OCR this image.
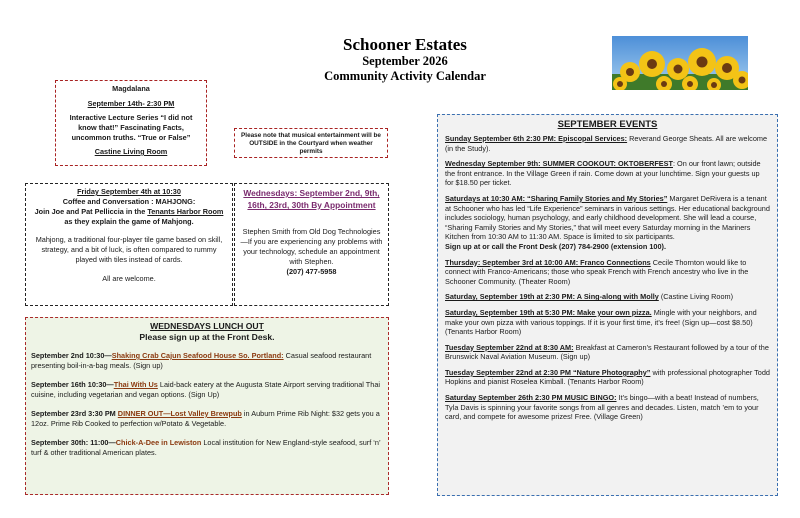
Schooner Estates
September 2026
Community Activity Calendar

Magdalana

September 14th- 2:30 PM

Interactive Lecture Series “I did not know that!” Fascinating Facts, uncommon truths. “True or False”

Castine Living Room

Please note that musical entertainment will be OUTSIDE in the Courtyard when weather permits

Friday September 4th at 10:30

Coffee and Conversation : MAHJONG:

Join Joe and Pat Pelliccia in the Tenants Harbor Room as they explain the game of Mahjong.

Mahjong, a traditional four-player tile game based on skill, strategy, and a bit of luck, is often compared to rummy played with tiles instead of cards.

All are welcome.

Wednesdays: September 2nd, 9th, 16th, 23rd, 30th By Appointment

Stephen Smith from Old Dog Technologies—If you are experiencing any problems with your technology, schedule an appointment with Stephen.

(207) 477-5958

WEDNESDAYS LUNCH OUT

Please sign up at the Front Desk.

September 2nd 10:30—Shaking Crab Cajun Seafood House So. Portland: Casual seafood restaurant presenting boil-in-a-bag meals. (Sign up)

September 16th 10:30—Thai With Us Laid-back eatery at the Augusta State Airport serving traditional Thai cuisine, including vegetarian and vegan options. (Sign Up)

September 23rd 3:30 PM DINNER OUT—Lost Valley Brewpub in Auburn Prime Rib Night: $32 gets you a 12oz. Prime Rib Cooked to perfection w/Potato & Vegetable.

September 30th: 11:00—Chick-A-Dee in Lewiston Local institution for New England-style seafood, surf ‘n’ turf & other traditional American plates.

SEPTEMBER EVENTS

Sunday September 6th 2:30 PM: Episcopal Services: Reverand George Sheats. All are welcome (in the Study).

Wednesday September 9th: SUMMER COOKOUT: OKTOBERFEST: On our front lawn; outside the front entrance. In the Village Green if rain. Come down at your lunchtime. Sign your guests up for $18.50 per ticket.

Saturdays at 10:30 AM: “Sharing Family Stories and My Stories” Margaret DeRivera is a tenant at Schooner who has led “Life Experience” seminars in various settings. Her educational background includes sociology, human psychology, and early childhood development. She will lead a course, “Sharing Family Stories and My Stories,” that will meet every Saturday morning in the Mariners Kitchen from 10:30 AM to 11:30 AM. Space is limited to six participants.
Sign up at or call the Front Desk (207) 784-2900 (extension 100).

Thursday: September 3rd at 10:00 AM: Franco Connections Cecile Thornton would like to connect with Franco-Americans; those who speak French with French ancestry who live in the Schooner Community. (Theater Room)

Saturday, September 19th at 2:30 PM: A Sing-along with Molly (Castine Living Room)

Saturday, September 19th at 5:30 PM: Make your own pizza. Mingle with your neighbors, and make your own pizza with various toppings. If it is your first time, it’s free! (Sign up—cost $8.50) (Tenants Harbor Room)

Tuesday September 22nd at 8:30 AM: Breakfast at Cameron’s Restaurant followed by a tour of the Brunswick Naval Aviation Museum. (Sign up)

Tuesday September 22nd at 2:30 PM “Nature Photography” with professional photographer Todd Hopkins and pianist Roselea Kimball. (Tenants Harbor Room)

Saturday September 26th 2:30 PM MUSIC BINGO: It’s bingo—with a beat! Instead of numbers, Tyla Davis is spinning your favorite songs from all genres and decades. Listen, match ’em to your card, and compete for awesome prizes! Free. (Village Green)
